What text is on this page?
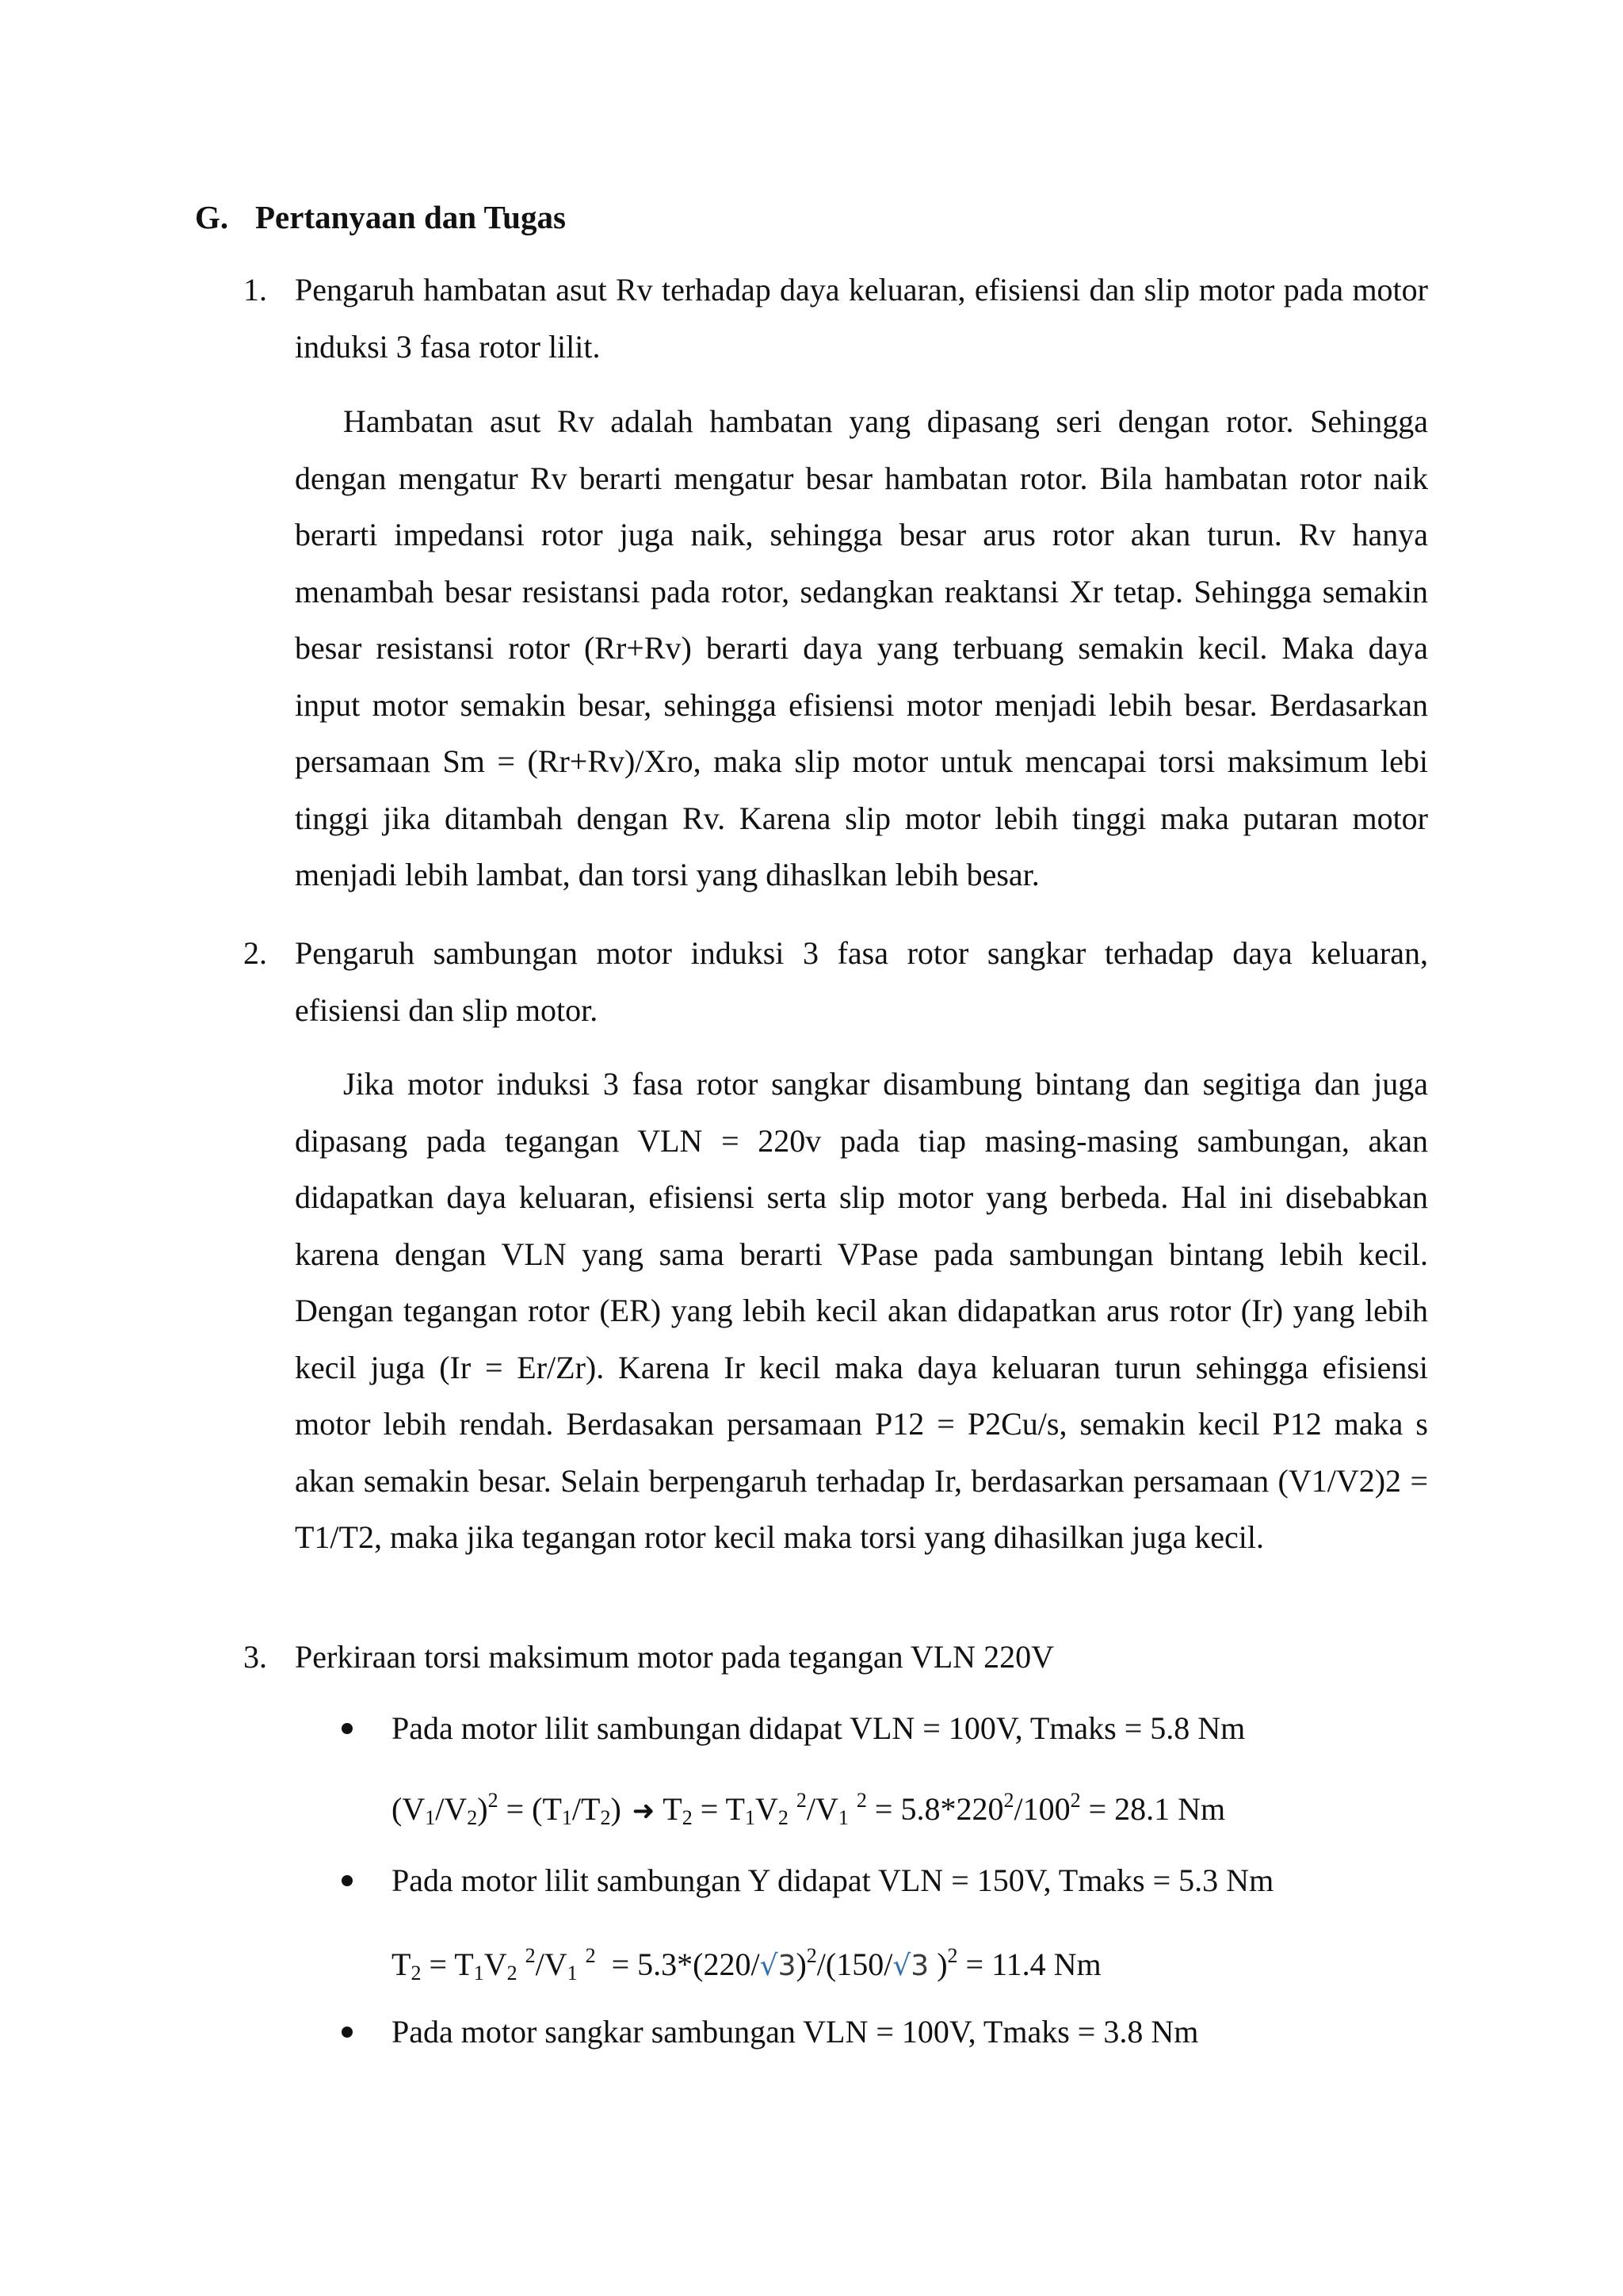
G. Pertanyaan dan Tugas
1. Pengaruh hambatan asut Rv terhadap daya keluaran, efisiensi dan slip motor pada motor induksi 3 fasa rotor lilit.
Hambatan asut Rv adalah hambatan yang dipasang seri dengan rotor. Sehingga dengan mengatur Rv berarti mengatur besar hambatan rotor. Bila hambatan rotor naik berarti impedansi rotor juga naik, sehingga besar arus rotor akan turun. Rv hanya menambah besar resistansi pada rotor, sedangkan reaktansi Xr tetap. Sehingga semakin besar resistansi rotor (Rr+Rv) berarti daya yang terbuang semakin kecil. Maka daya input motor semakin besar, sehingga efisiensi motor menjadi lebih besar. Berdasarkan persamaan Sm = (Rr+Rv)/Xro, maka slip motor untuk mencapai torsi maksimum lebi tinggi jika ditambah dengan Rv. Karena slip motor lebih tinggi maka putaran motor menjadi lebih lambat, dan torsi yang dihaslkan lebih besar.
2. Pengaruh sambungan motor induksi 3 fasa rotor sangkar terhadap daya keluaran, efisiensi dan slip motor.
Jika motor induksi 3 fasa rotor sangkar disambung bintang dan segitiga dan juga dipasang pada tegangan VLN = 220v pada tiap masing-masing sambungan, akan didapatkan daya keluaran, efisiensi serta slip motor yang berbeda. Hal ini disebabkan karena dengan VLN yang sama berarti VPase pada sambungan bintang lebih kecil. Dengan tegangan rotor (ER) yang lebih kecil akan didapatkan arus rotor (Ir) yang lebih kecil juga (Ir = Er/Zr). Karena Ir kecil maka daya keluaran turun sehingga efisiensi motor lebih rendah. Berdasakan persamaan P12 = P2Cu/s, semakin kecil P12 maka s akan semakin besar. Selain berpengaruh terhadap Ir, berdasarkan persamaan (V1/V2)2 = T1/T2, maka jika tegangan rotor kecil maka torsi yang dihasilkan juga kecil.
3. Perkiraan torsi maksimum motor pada tegangan VLN 220V
Pada motor lilit sambungan didapat VLN = 100V, Tmaks = 5.8 Nm
$(V_1/V_2)^2 = (T_1/T_2)$ ➜ $T_2 = T_1V_2$ $^2/V_1$ $^2 = 5.8*220^2/100^2 = 28.1$ Nm
Pada motor lilit sambungan Y didapat VLN = 150V, Tmaks = 5.3 Nm
$T_2 = T_1V_2$ $^2/V_1$ $^2 = 5.3*(220/√3)^2/(150/√3$ )$^2$ = 11.4 Nm
Pada motor sangkar sambungan VLN = 100V, Tmaks = 3.8 Nm
